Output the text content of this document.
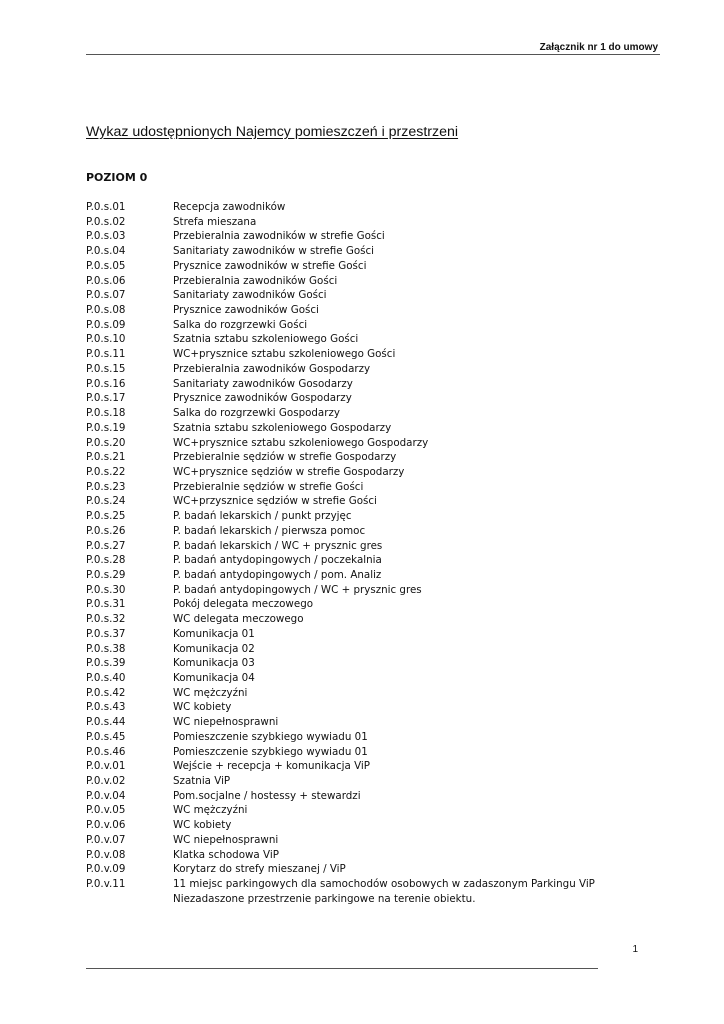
Załącznik nr 1 do umowy
Wykaz udostępnionych Najemcy pomieszczeń i przestrzeni
POZIOM 0
P.0.s.01	Recepcja zawodników
P.0.s.02	Strefa mieszana
P.0.s.03	Przebieralnia zawodników w strefie Gości
P.0.s.04	Sanitariaty zawodników w strefie Gości
P.0.s.05	Prysznice zawodników w strefie Gości
P.0.s.06	Przebieralnia zawodników Gości
P.0.s.07	Sanitariaty zawodników Gości
P.0.s.08	Prysznice zawodników Gości
P.0.s.09	Salka do rozgrzewki Gości
P.0.s.10	Szatnia sztabu szkoleniowego Gości
P.0.s.11	WC+prysznice sztabu szkoleniowego Gości
P.0.s.15	Przebieralnia zawodników Gospodarzy
P.0.s.16	Sanitariaty zawodników Gosodarzy
P.0.s.17	Prysznice zawodników Gospodarzy
P.0.s.18	Salka do rozgrzewki Gospodarzy
P.0.s.19	Szatnia sztabu szkoleniowego Gospodarzy
P.0.s.20	WC+prysznice sztabu szkoleniowego Gospodarzy
P.0.s.21	Przebieralnie sędziów w strefie Gospodarzy
P.0.s.22	WC+prysznice sędziów w strefie Gospodarzy
P.0.s.23	Przebieralnie sędziów w strefie Gości
P.0.s.24	WC+przysznice sędziów w strefie Gości
P.0.s.25	P. badań lekarskich / punkt przyjęc
P.0.s.26	P. badań lekarskich / pierwsza pomoc
P.0.s.27	P. badań lekarskich / WC + prysznic gres
P.0.s.28	P. badań antydopingowych / poczekalnia
P.0.s.29	P. badań antydopingowych / pom. Analiz
P.0.s.30	P. badań antydopingowych / WC + prysznic gres
P.0.s.31	Pokój delegata meczowego
P.0.s.32	WC delegata meczowego
P.0.s.37	Komunikacja 01
P.0.s.38	Komunikacja 02
P.0.s.39	Komunikacja 03
P.0.s.40	Komunikacja 04
P.0.s.42	WC mężczyźni
P.0.s.43	WC kobiety
P.0.s.44	WC niepełnosprawni
P.0.s.45	Pomieszczenie szybkiego wywiadu 01
P.0.s.46	Pomieszczenie szybkiego wywiadu 01
P.0.v.01	Wejście + recepcja + komunikacja ViP
P.0.v.02	Szatnia ViP
P.0.v.04	Pom.socjalne / hostessy + stewardzi
P.0.v.05	WC mężczyźni
P.0.v.06	WC kobiety
P.0.v.07	WC niepełnosprawni
P.0.v.08	Klatka schodowa ViP
P.0.v.09	Korytarz do strefy mieszanej / ViP
P.0.v.11	11 miejsc parkingowych dla samochodów osobowych w zadaszonym Parkingu ViP
Niezadaszone przestrzenie parkingowe na terenie obiektu.
1
